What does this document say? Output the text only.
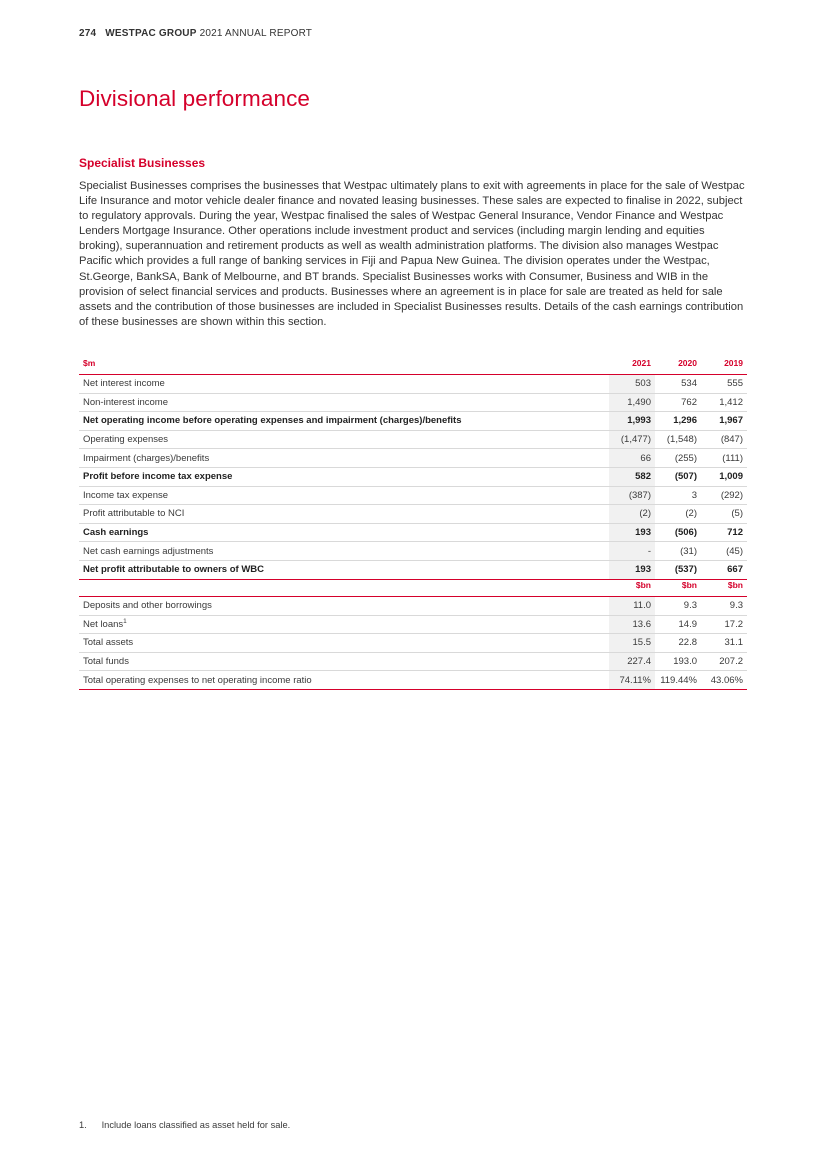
274 WESTPAC GROUP 2021 ANNUAL REPORT
Divisional performance
Specialist Businesses

Specialist Businesses comprises the businesses that Westpac ultimately plans to exit with agreements in place for the sale of Westpac Life Insurance and motor vehicle dealer finance and novated leasing businesses. These sales are expected to finalise in 2022, subject to regulatory approvals. During the year, Westpac finalised the sales of Westpac General Insurance, Vendor Finance and Westpac Lenders Mortgage Insurance. Other operations include investment product and services (including margin lending and equities broking), superannuation and retirement products as well as wealth administration platforms. The division also manages Westpac Pacific which provides a full range of banking services in Fiji and Papua New Guinea. The division operates under the Westpac, St.George, BankSA, Bank of Melbourne, and BT brands. Specialist Businesses works with Consumer, Business and WIB in the provision of select financial services and products. Businesses where an agreement is in place for sale are treated as held for sale assets and the contribution of those businesses are included in Specialist Businesses results. Details of the cash earnings contribution of these businesses are shown within this section.

$m	2021	2020	2019
Net interest income	503	534	555
Non-interest income	1,490	762	1,412
Net operating income before operating expenses and impairment (charges)/benefits	1,993	1,296	1,967
Operating expenses	(1,477)	(1,548)	(847)
Impairment (charges)/benefits	66	(255)	(111)
Profit before income tax expense	582	(507)	1,009
Income tax expense	(387)	3	(292)
Profit attributable to NCI	(2)	(2)	(5)
Cash earnings	193	(506)	712
Net cash earnings adjustments	-	(31)	(45)
Net profit attributable to owners of WBC	193	(537)	667
	$bn	$bn	$bn
Deposits and other borrowings	11.0	9.3	9.3
Net loans$^1$	13.6	14.9	17.2
Total assets	15.5	22.8	31.1
Total funds	227.4	193.0	207.2
Total operating expenses to net operating income ratio	74.11%	119.44%	43.06%
1. Include loans classified as asset held for sale.
